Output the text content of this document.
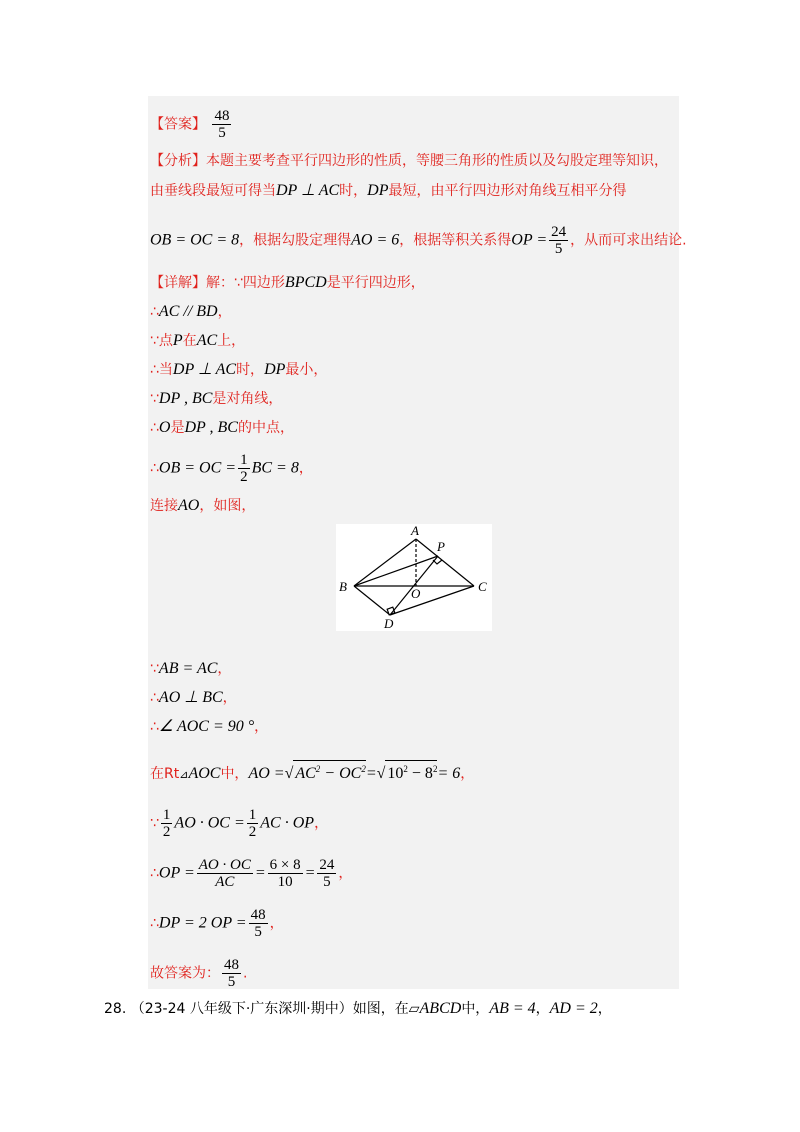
【答案】 $\frac{48}{5}$
【分析】本题主要考查平行四边形的性质，等腰三角形的性质以及勾股定理等知识，
由垂线段最短可得当DP ⊥ AC时，DP最短，由平行四边形对角线互相平分得
OB = OC = 8，根据勾股定理得AO = 6，根据等积关系得OP = $\frac{24}{5}$ ，从而可求出结论.
【详解】解：∵四边形BPCD是平行四边形，
∴AC // BD，
∵点P在AC上，
∴当DP ⊥ AC时，DP最小，
∵DP , BC是对角线，
∴O是DP , BC的中点，
∴OB = OC = $\frac{1}{2}$ BC = 8，
连接AO，如图，
A
P
B	O	C
D
∵AB = AC，
∴AO ⊥ BC，
∴∠ AOC = 90 °，
在Rt⊿AOC中，AO =√ $AC^2 - OC^2=√$ $10^2 - 8^2= 6$，
∵ $\frac{1}{2}$ AO · OC = $\frac{1}{2}$ AC · OP，
∴OP = $\frac{AO \cdot OC}{AC} = \frac{6 \times 8}{10} = \frac{24}{5}$ ，
∴DP = 2 OP = $\frac{48}{5}$ ，
故答案为： $\frac{48}{5}$ .
28. （23-24 八年级下·广东深圳·期中）如图，在▱ABCD中，AB = 4，AD = 2，
